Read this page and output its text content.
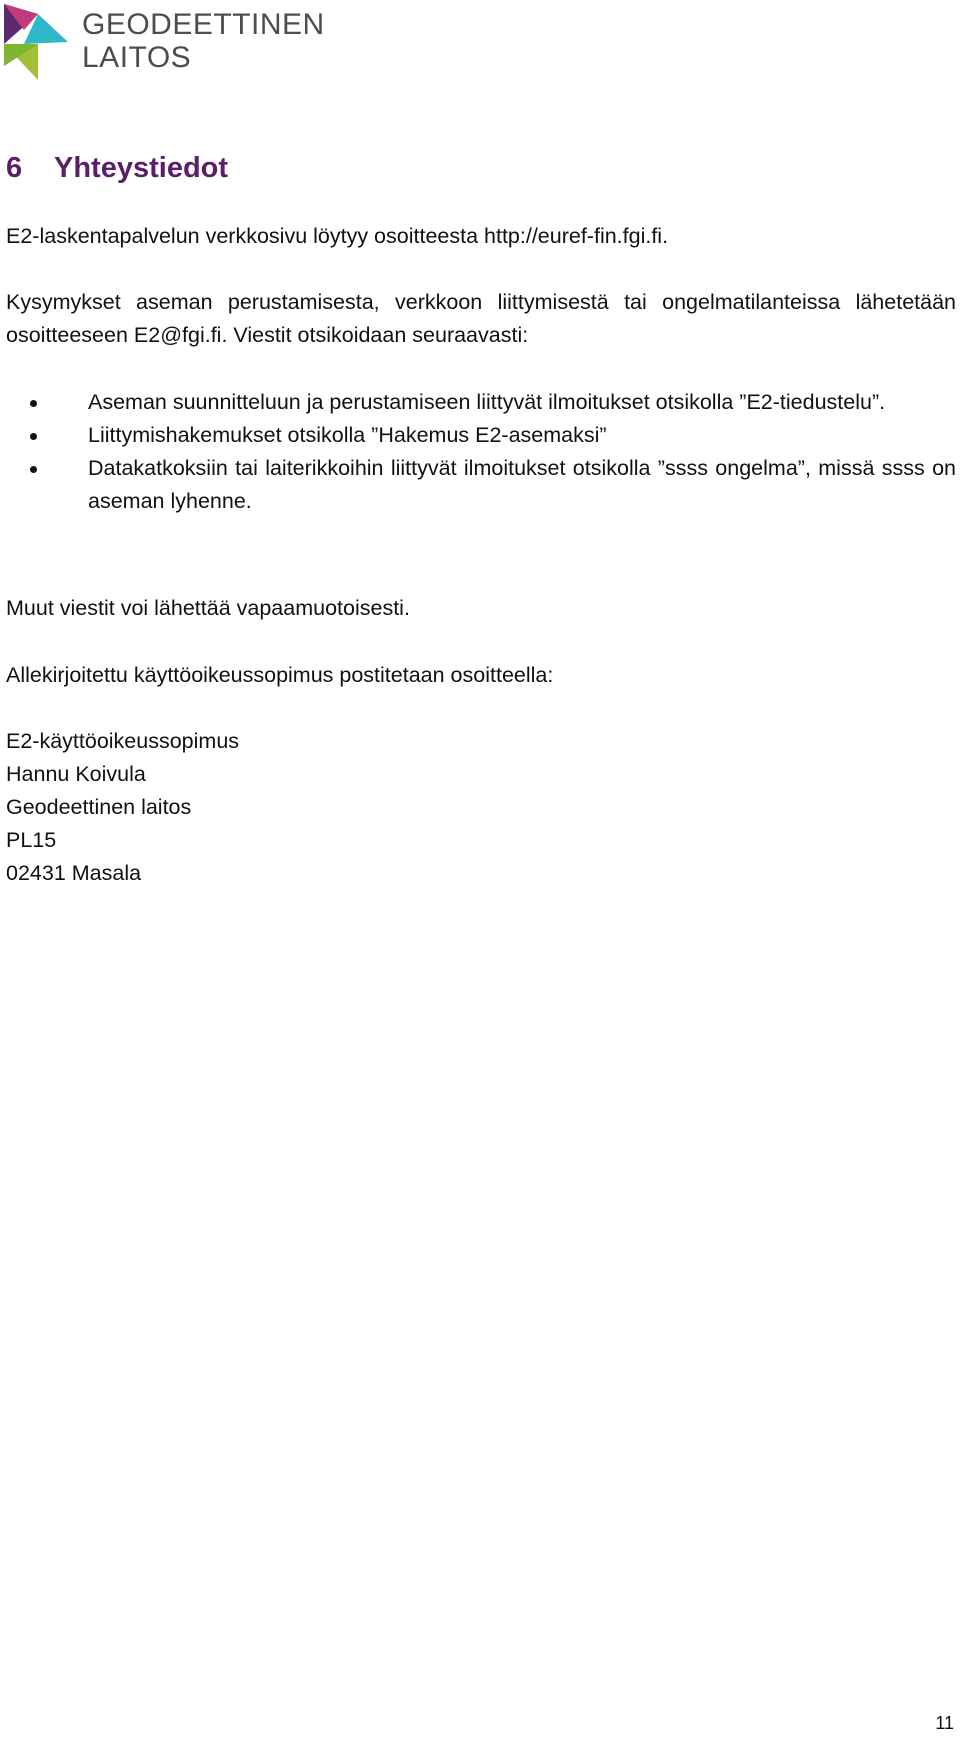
GEODEETTINEN
LAITOS
6 Yhteystiedot

E2-laskentapalvelun verkkosivu löytyy osoitteesta http://euref-fin.fgi.fi.

Kysymykset aseman perustamisesta, verkkoon liittymisestä tai ongelmatilanteissa lähetetään osoitteeseen E2@fgi.fi. Viestit otsikoidaan seuraavasti:

Aseman suunnitteluun ja perustamiseen liittyvät ilmoitukset otsikolla ”E2-tiedustelu”.
Liittymishakemukset otsikolla ”Hakemus E2-asemaksi”
Datakatkoksiin tai laiterikkoihin liittyvät ilmoitukset otsikolla ”ssss ongelma”, missä ssss on aseman lyhenne.

Muut viestit voi lähettää vapaamuotoisesti.

Allekirjoitettu käyttöoikeussopimus postitetaan osoitteella:

E2-käyttöoikeussopimus
Hannu Koivula
Geodeettinen laitos
PL15
02431 Masala
11
